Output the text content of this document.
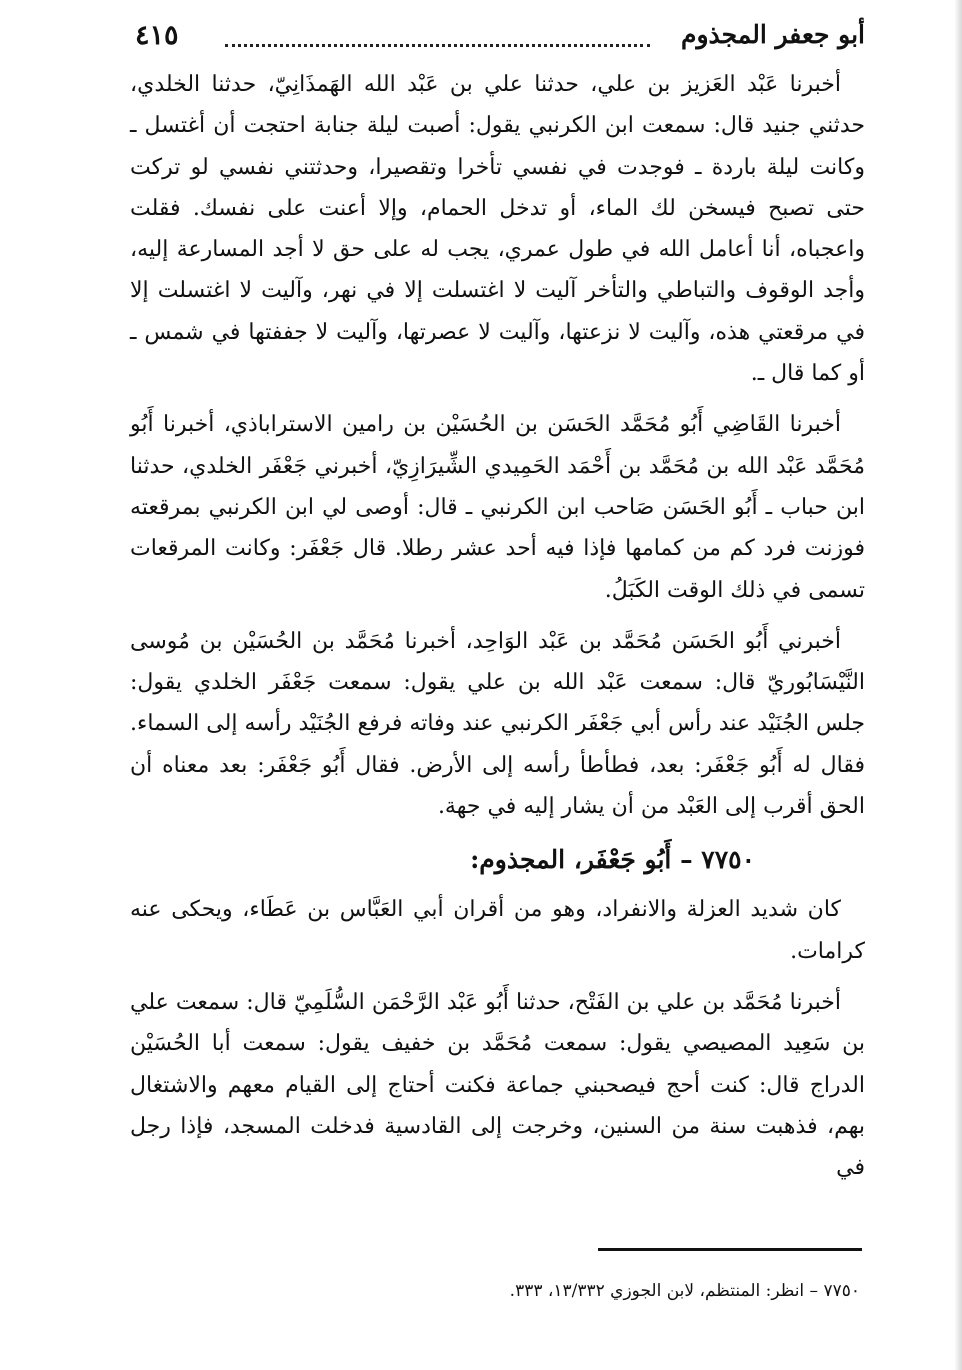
أبو جعفر المجذوم
٤١٥

أخبرنا عَبْد العَزيز بن علي، حدثنا علي بن عَبْد الله الهَمذَانِيّ، حدثنا الخلدي، حدثني جنيد قال: سمعت ابن الكرنبي يقول: أصبت ليلة جنابة احتجت أن أغتسل ـ وكانت ليلة باردة ـ فوجدت في نفسي تأخرا وتقصيرا، وحدثتني نفسي لو تركت حتى تصبح فيسخن لك الماء، أو تدخل الحمام، وإلا أعنت على نفسك. فقلت واعجباه، أنا أعامل الله في طول عمري، يجب له على حق لا أجد المسارعة إليه، وأجد الوقوف والتباطي والتأخر آليت لا اغتسلت إلا في نهر، وآليت لا اغتسلت إلا في مرقعتي هذه، وآليت لا نزعتها، وآليت لا عصرتها، وآليت لا جففتها في شمس ـ أو كما قال ـ.

أخبرنا القَاضِي أَبُو مُحَمَّد الحَسَن بن الحُسَيْن بن رامين الاستراباذي، أخبرنا أَبُو مُحَمَّد عَبْد الله بن مُحَمَّد بن أَحْمَد الحَمِيدي الشِّيرَازِيّ، أخبرني جَعْفَر الخلدي، حدثنا ابن حباب ـ أَبُو الحَسَن صَاحب ابن الكرنبي ـ قال: أوصى لي ابن الكرنبي بمرقعته فوزنت فرد كم من كمامها فإذا فيه أحد عشر رطلا. قال جَعْفَر: وكانت المرقعات تسمى في ذلك الوقت الكَبَلُ.

أخبرني أَبُو الحَسَن مُحَمَّد بن عَبْد الوَاحِد، أخبرنا مُحَمَّد بن الحُسَيْن بن مُوسى النَّيْسَابُوريّ قال: سمعت عَبْد الله بن علي يقول: سمعت جَعْفَر الخلدي يقول: جلس الجُنَيْد عند رأس أبي جَعْفَر الكرنبي عند وفاته فرفع الجُنَيْد رأسه إلى السماء. فقال له أَبُو جَعْفَر: بعد، فطأطأ رأسه إلى الأرض. فقال أَبُو جَعْفَر: بعد معناه أن الحق أقرب إلى العَبْد من أن يشار إليه في جهة.

٧٧٥٠ – أَبُو جَعْفَر، المجذوم:

كان شديد العزلة والانفراد، وهو من أقران أبي العَبَّاس بن عَطَاء، ويحكى عنه كرامات.

أخبرنا مُحَمَّد بن علي بن الفَتْح، حدثنا أَبُو عَبْد الرَّحْمَن السُّلَمِيّ قال: سمعت علي بن سَعِيد المصيصي يقول: سمعت مُحَمَّد بن خفيف يقول: سمعت أبا الحُسَيْن الدراج قال: كنت أحج فيصحبني جماعة فكنت أحتاج إلى القيام معهم والاشتغال بهم، فذهبت سنة من السنين، وخرجت إلى القادسية فدخلت المسجد، فإذا رجل في

٧٧٥٠ – انظر: المنتظم، لابن الجوزي ١٣/٣٣٢، ٣٣٣.
